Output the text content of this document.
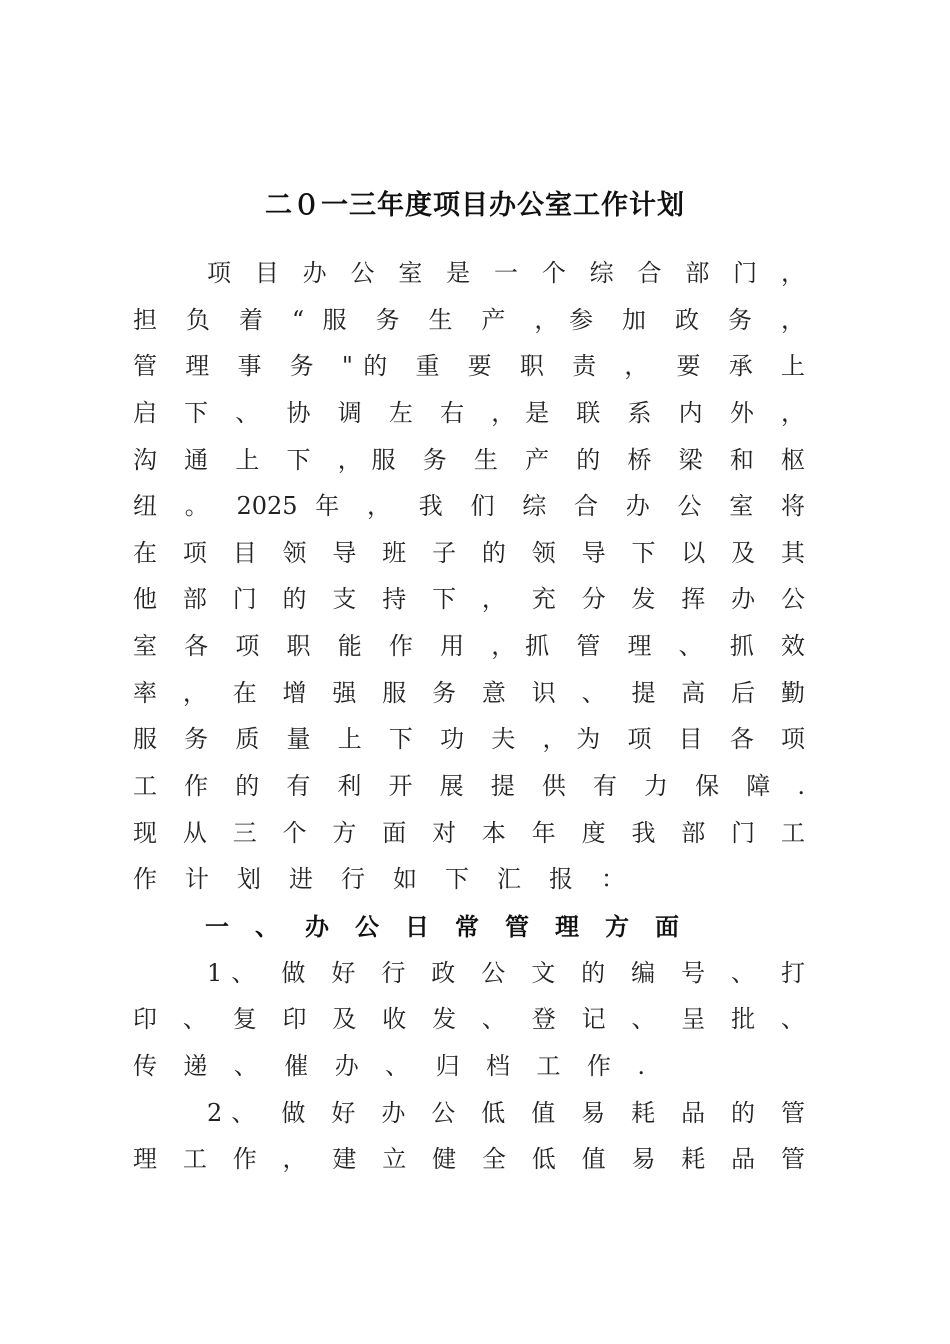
二０一三年度项目办公室工作计划
项 目 办 公 室 是 一 个 综 合 部 门 ，
担 负 着 “ 服 务 生 产 ，参 加 政 务 ，
管 理 事 务 "的 重 要 职 责 ， 要 承 上
启 下 、 协 调 左 右 ，是 联 系 内 外 ，
沟 通 上 下 ，服 务 生 产 的 桥 梁 和 枢
纽 。 2025 年 ， 我 们 综 合 办 公 室 将
在 项 目 领 导 班 子 的 领 导 下 以 及 其
他 部 门 的 支 持 下 ， 充 分 发 挥 办 公
室 各 项 职 能 作 用 ，抓 管 理 、 抓 效
率 ， 在 增 强 服 务 意 识 、 提 高 后 勤
服 务 质 量 上 下 功 夫 ，为 项 目 各 项
工 作 的 有 利 开 展 提 供 有 力 保 障 .
现 从 三 个 方 面 对 本 年 度 我 部 门 工
作 计 划 进 行 如 下 汇 报 ：
一 、 办 公 日 常 管 理 方 面
1、 做 好 行 政 公 文 的 编 号 、 打
印 、 复 印 及 收 发 、 登 记 、 呈 批 、
传 递 、 催 办 、 归 档 工 作 .
2、 做 好 办 公 低 值 易 耗 品 的 管
理 工 作 ， 建 立 健 全 低 值 易 耗 品 管
